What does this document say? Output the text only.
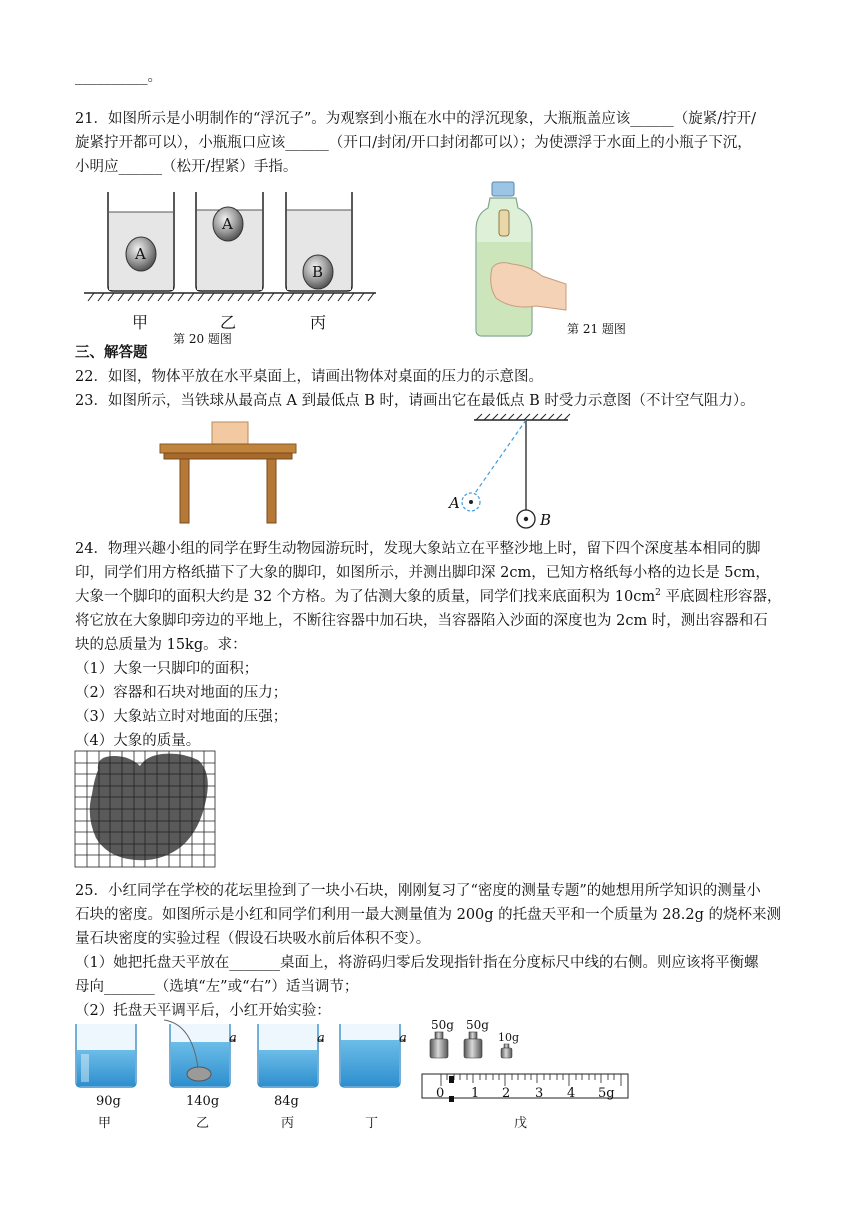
__________。
21．如图所示是小明制作的“浮沉子”。为观察到小瓶在水中的浮沉现象，大瓶瓶盖应该______（旋紧/拧开/
旋紧拧开都可以），小瓶瓶口应该______（开口/封闭/开口封闭都可以）；为使漂浮于水面上的小瓶子下沉，
小明应______（松开/捏紧）手指。
A
A
B
甲	乙	丙
第 20 题图
第 21 题图
三、解答题
22．如图，物体平放在水平桌面上，请画出物体对桌面的压力的示意图。
23．如图所示，当铁球从最高点 A 到最低点 B 时，请画出它在最低点 B 时受力示意图（不计空气阻力）。
A
B
24．物理兴趣小组的同学在野生动物园游玩时，发现大象站立在平整沙地上时，留下四个深度基本相同的脚
印，同学们用方格纸描下了大象的脚印，如图所示，并测出脚印深 2cm，已知方格纸每小格的边长是 5cm，
大象一个脚印的面积大约是 32 个方格。为了估测大象的质量，同学们找来底面积为 $10cm^2$ 平底圆柱形容器，
将它放在大象脚印旁边的平地上，不断往容器中加石块，当容器陷入沙面的深度也为 2cm 时，测出容器和石
块的总质量为 15kg。求：
（1）大象一只脚印的面积；
（2）容器和石块对地面的压力；
（3）大象站立时对地面的压强；
（4）大象的质量。
25．小红同学在学校的花坛里捡到了一块小石块，刚刚复习了“密度的测量专题”的她想用所学知识的测量小
石块的密度。如图所示是小红和同学们利用一最大测量值为 200g 的托盘天平和一个质量为 28.2g 的烧杯来测
量石块密度的实验过程（假设石块吸水前后体积不变）。
（1）她把托盘天平放在_______桌面上，将游码归零后发现指针指在分度标尺中线的右侧。则应该将平衡螺
母向_______（选填“左”或“右”）适当调节；
（2）托盘天平调平后，小红开始实验：
a	a	a
90g	140g	84g
甲	乙	丙	丁
50g 50g
10g
0 1 2 3 4 5g
戊
